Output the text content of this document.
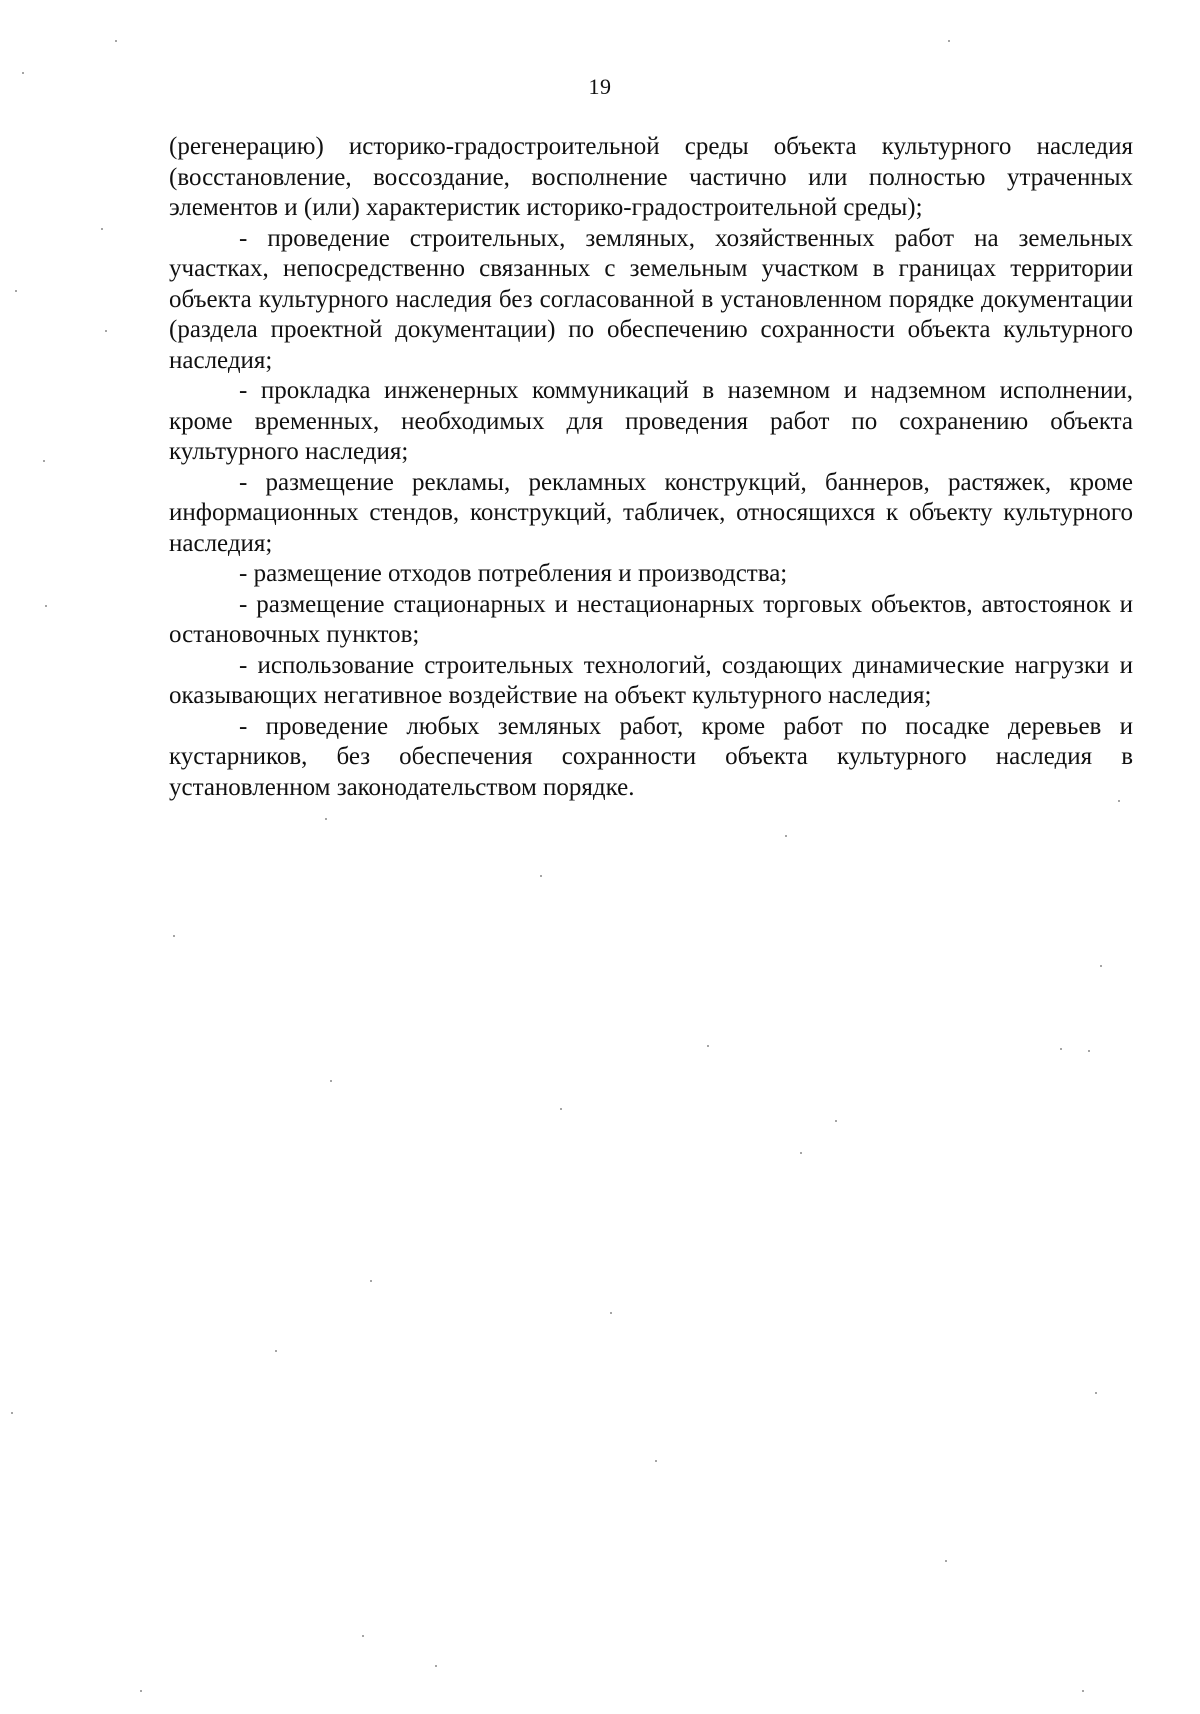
19

(регенерацию) историко-градостроительной среды объекта культурного наследия (восстановление, воссоздание, восполнение частично или полностью утраченных элементов и (или) характеристик историко-градостроительной среды);

- проведение строительных, земляных, хозяйственных работ на земельных участках, непосредственно связанных с земельным участком в границах территории объекта культурного наследия без согласованной в установленном порядке документации (раздела проектной документации) по обеспечению сохранности объекта культурного наследия;

- прокладка инженерных коммуникаций в наземном и надземном исполнении, кроме временных, необходимых для проведения работ по сохранению объекта культурного наследия;

- размещение рекламы, рекламных конструкций, баннеров, растяжек, кроме информационных стендов, конструкций, табличек, относящихся к объекту культурного наследия;

- размещение отходов потребления и производства;

- размещение стационарных и нестационарных торговых объектов, автостоянок и остановочных пунктов;

- использование строительных технологий, создающих динамические нагрузки и оказывающих негативное воздействие на объект культурного наследия;

- проведение любых земляных работ, кроме работ по посадке деревьев и кустарников, без обеспечения сохранности объекта культурного наследия в установленном законодательством порядке.
